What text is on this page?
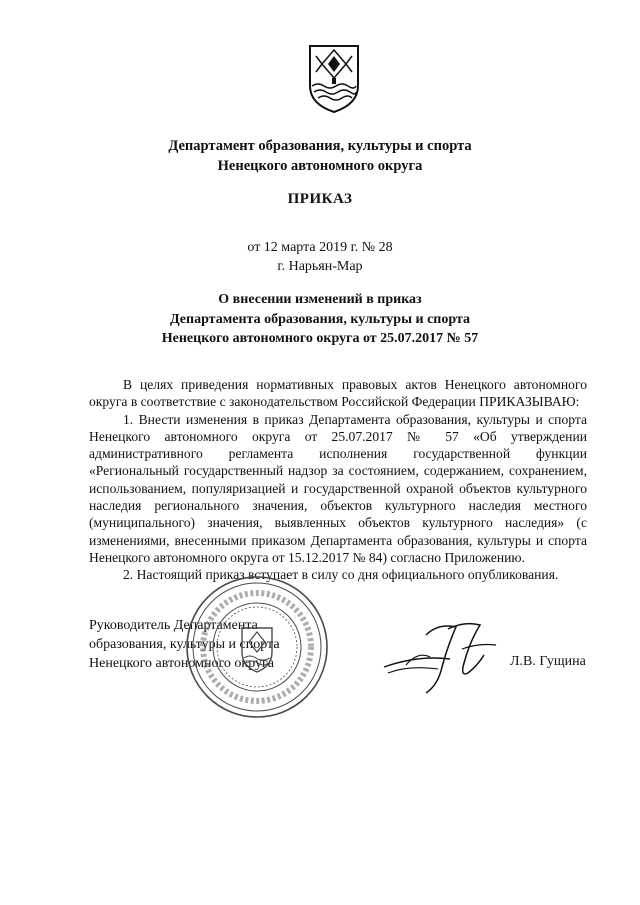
Департамент образования, культуры и спорта
Ненецкого автономного округа
ПРИКАЗ
от 12 марта 2019 г. № 28
г. Нарьян-Мар
О внесении изменений в приказ
Департамента образования, культуры и спорта
Ненецкого автономного округа от 25.07.2017 № 57

В целях приведения нормативных правовых актов Ненецкого автономного округа в соответствие с законодательством Российской Федерации ПРИКАЗЫВАЮ:

1. Внести изменения в приказ Департамента образования, культуры и спорта Ненецкого автономного округа от 25.07.2017 № 57 «Об утверждении административного регламента исполнения государственной функции «Региональный государственный надзор за состоянием, содержанием, сохранением, использованием, популяризацией и государственной охраной объектов культурного наследия регионального значения, объектов культурного наследия местного (муниципального) значения, выявленных объектов культурного наследия» (с изменениями, внесенными приказом Департамента образования, культуры и спорта Ненецкого автономного округа от 15.12.2017 № 84) согласно Приложению.

2. Настоящий приказ вступает в силу со дня официального опубликования.

Руководитель Департамента
образования, культуры и спорта
Ненецкого автономного округа	Л.В. Гущина
